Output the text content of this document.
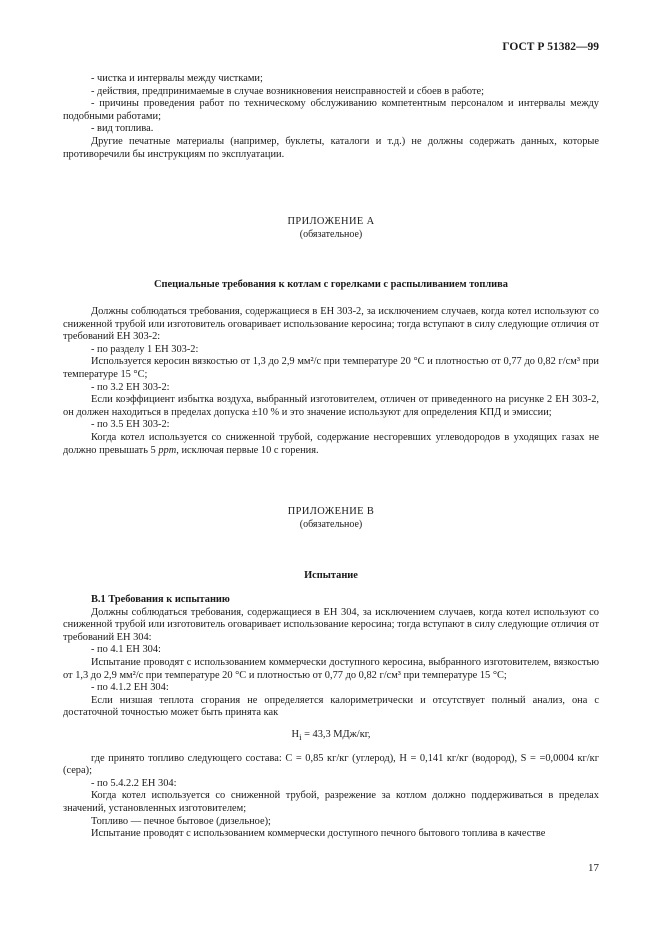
ГОСТ Р 51382—99

- чистка и интервалы между чистками;

- действия, предпринимаемые в случае возникновения неисправностей и сбоев в работе;

- причины проведения работ по техническому обслуживанию компетентным персоналом и интервалы между подобными работами;

- вид топлива.

Другие печатные материалы (например, буклеты, каталоги и т.д.) не должны содержать данных, которые противоречили бы инструкциям по эксплуатации.

ПРИЛОЖЕНИЕ А

(обязательное)

Специальные требования к котлам с горелками с распыливанием топлива

Должны соблюдаться требования, содержащиеся в ЕН 303-2, за исключением случаев, когда котел используют со сниженной трубой или изготовитель оговаривает использование керосина; тогда вступают в силу следующие отличия от требований ЕН 303-2:

- по разделу 1 ЕН 303-2:

Используется керосин вязкостью от 1,3 до 2,9 мм²/с при температуре 20 °С и плотностью от 0,77 до 0,82 г/см³ при температуре 15 °С;

- по 3.2 ЕН 303-2:

Если коэффициент избытка воздуха, выбранный изготовителем, отличен от приведенного на рисунке 2 ЕН 303-2, он должен находиться в пределах допуска ±10 % и это значение используют для определения КПД и эмиссии;

- по 3.5 ЕН 303-2:

Когда котел используется со сниженной трубой, содержание несгоревших углеводородов в уходящих газах не должно превышать 5 ppm, исключая первые 10 с горения.

ПРИЛОЖЕНИЕ В

(обязательное)

Испытание

В.1 Требования к испытанию

Должны соблюдаться требования, содержащиеся в ЕН 304, за исключением случаев, когда котел используют со сниженной трубой или изготовитель оговаривает использование керосина; тогда вступают в силу следующие отличия от требований ЕН 304:

- по 4.1 ЕН 304:

Испытание проводят с использованием коммерчески доступного керосина, выбранного изготовителем, вязкостью от 1,3 до 2,9 мм²/с при температуре 20 °С и плотностью от 0,77 до 0,82 г/см³ при температуре 15 °С;

- по 4.1.2 ЕН 304:

Если низшая теплота сгорания не определяется калориметрически и отсутствует полный анализ, она с достаточной точностью может быть принята как

$H_i = 43,3$ МДж/кг,

где принято топливо следующего состава: С = 0,85 кг/кг (углерод), Н = 0,141 кг/кг (водород), S = =0,0004 кг/кг (сера);

- по 5.4.2.2 ЕН 304:

Когда котел используется со сниженной трубой, разрежение за котлом должно поддерживаться в пределах значений, установленных изготовителем;

Топливо — печное бытовое (дизельное);

Испытание проводят с использованием коммерчески доступного печного бытового топлива в качестве

17
